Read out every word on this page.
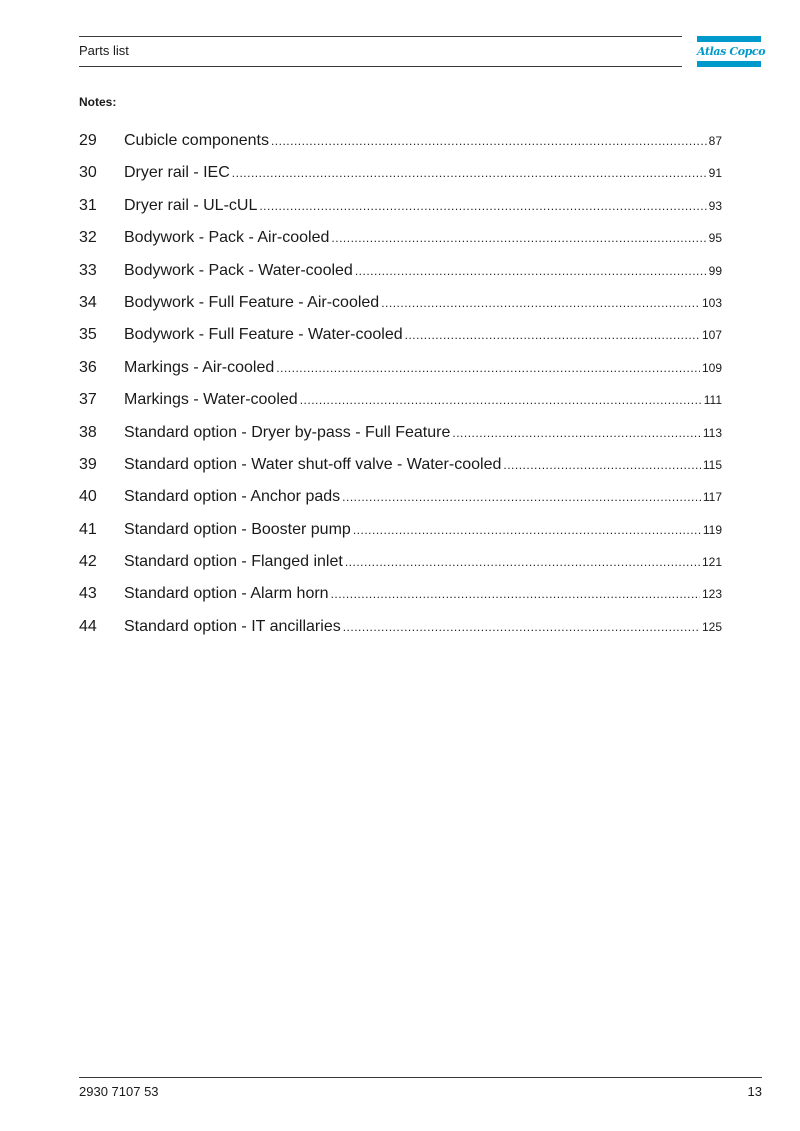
Parts list	Atlas Copco
Notes:
29	Cubicle components .....	87
30	Dryer rail - IEC .....	91
31	Dryer rail - UL-cUL .....	93
32	Bodywork - Pack - Air-cooled .....	95
33	Bodywork - Pack - Water-cooled .....	99
34	Bodywork - Full Feature - Air-cooled .....	103
35	Bodywork - Full Feature - Water-cooled .....	107
36	Markings - Air-cooled .....	109
37	Markings - Water-cooled .....	111
38	Standard option - Dryer by-pass - Full Feature .....	113
39	Standard option - Water shut-off valve - Water-cooled .....	115
40	Standard option - Anchor pads .....	117
41	Standard option - Booster pump .....	119
42	Standard option - Flanged inlet .....	121
43	Standard option - Alarm horn .....	123
44	Standard option - IT ancillaries .....	125
2930 7107 53	13
